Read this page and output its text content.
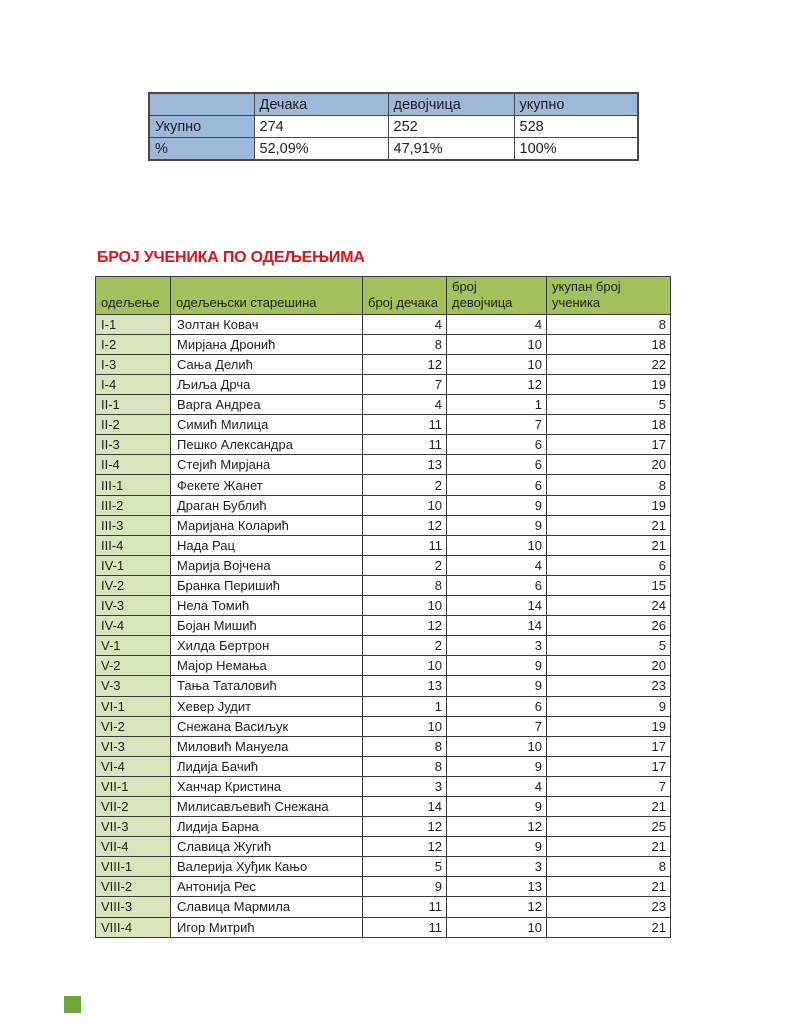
	Дечака	девојчица	укупно
Укупно	274	252	528
%	52,09%	47,91%	100%
БРОЈ УЧЕНИКА ПО ОДЕЉЕЊИМА
одељење	одељењски старешина	број дечака	број девојчица	укупан број ученика
I-1	Золтан Ковач	4	4	8
I-2	Мирјана Дронић	8	10	18
I-3	Сања Делић	12	10	22
I-4	Љиља Дрча	7	12	19
II-1	Варга Андреа	4	1	5
II-2	Симић Милица	11	7	18
II-3	Пешко Александра	11	6	17
II-4	Стејић Мирјана	13	6	20
III-1	Фекете Жанет	2	6	8
III-2	Драган Бублић	10	9	19
III-3	Маријана Коларић	12	9	21
III-4	Нада Рац	11	10	21
IV-1	Марија Војчена	2	4	6
IV-2	Бранка Перишић	8	6	15
IV-3	Нела Томић	10	14	24
IV-4	Бојан Мишић	12	14	26
V-1	Хилда Бертрон	2	3	5
V-2	Мајор Немања	10	9	20
V-3	Тања Таталовић	13	9	23
VI-1	Хевер Јудит	1	6	9
VI-2	Снежана Васиљук	10	7	19
VI-3	Миловић Мануела	8	10	17
VI-4	Лидија Бачић	8	9	17
VII-1	Ханчар Кристина	3	4	7
VII-2	Милисављевић Снежана	14	9	21
VII-3	Лидија Барна	12	12	25
VII-4	Славица Жугић	12	9	21
VIII-1	Валерија Хуђик Кањо	5	3	8
VIII-2	Антонија Рес	9	13	21
VIII-3	Славица Мармила	11	12	23
VIII-4	Игор Митрић	11	10	21
